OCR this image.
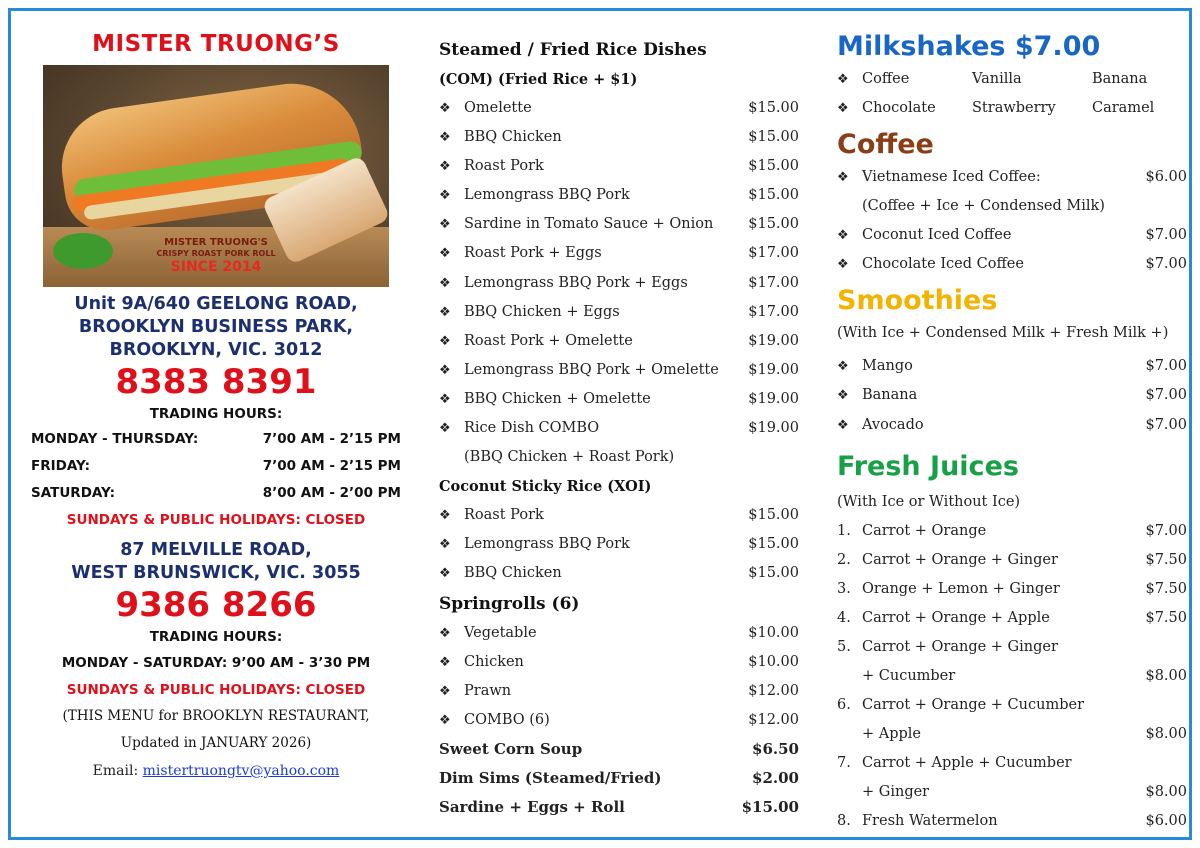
MISTER TRUONG’S
MISTER TRUONG'S
CRISPY ROAST PORK ROLL
SINCE 2014
Unit 9A/640 GEELONG ROAD,
BROOKLYN BUSINESS PARK,
BROOKLYN, VIC. 3012
8383 8391
TRADING HOURS:
MONDAY - THURSDAY:	7’00 AM - 2’15 PM
FRIDAY:	7’00 AM - 2’15 PM
SATURDAY:	8’00 AM - 2’00 PM
SUNDAYS & PUBLIC HOLIDAYS: CLOSED
87 MELVILLE ROAD,
WEST BRUNSWICK, VIC. 3055
9386 8266
TRADING HOURS:
MONDAY - SATURDAY: 9’00 AM - 3’30 PM
SUNDAYS & PUBLIC HOLIDAYS: CLOSED
(THIS MENU for BROOKLYN RESTAURANT,
Updated in JANUARY 2026)
Email: mistertruongtv@yahoo.com
Steamed / Fried Rice Dishes
(COM) (Fried Rice + $1)
❖ Omelette	$15.00
❖ BBQ Chicken	$15.00
❖ Roast Pork	$15.00
❖ Lemongrass BBQ Pork	$15.00
❖ Sardine in Tomato Sauce + Onion $15.00
❖ Roast Pork + Eggs	$17.00
❖ Lemongrass BBQ Pork + Eggs	$17.00
❖ BBQ Chicken + Eggs	$17.00
❖ Roast Pork + Omelette	$19.00
❖ Lemongrass BBQ Pork + Omelette $19.00
❖ BBQ Chicken + Omelette	$19.00
❖ Rice Dish COMBO	$19.00
(BBQ Chicken + Roast Pork)
Coconut Sticky Rice (XOI)
❖ Roast Pork	$15.00
❖ Lemongrass BBQ Pork	$15.00
❖ BBQ Chicken	$15.00
Springrolls (6)
❖ Vegetable	$10.00
❖ Chicken	$10.00
❖ Prawn	$12.00
❖ COMBO (6)	$12.00
Sweet Corn Soup	$6.50
Dim Sims (Steamed/Fried)	$2.00
Sardine + Eggs + Roll	$15.00
Milkshakes $7.00
❖ Coffee	Vanilla	Banana
❖ Chocolate	Strawberry	Caramel
Coffee
❖ Vietnamese Iced Coffee:	$6.00
(Coffee + Ice + Condensed Milk)
❖ Coconut Iced Coffee	$7.00
❖ Chocolate Iced Coffee	$7.00
Smoothies
(With Ice + Condensed Milk + Fresh Milk +)
❖ Mango	$7.00
❖ Banana	$7.00
❖ Avocado	$7.00
Fresh Juices
(With Ice or Without Ice)
1. Carrot + Orange	$7.00
2. Carrot + Orange + Ginger	$7.50
3. Orange + Lemon + Ginger	$7.50
4. Carrot + Orange + Apple	$7.50
5. Carrot + Orange + Ginger
+ Cucumber	$8.00
6. Carrot + Orange + Cucumber
+ Apple	$8.00
7. Carrot + Apple + Cucumber
+ Ginger	$8.00
8. Fresh Watermelon	$6.00
